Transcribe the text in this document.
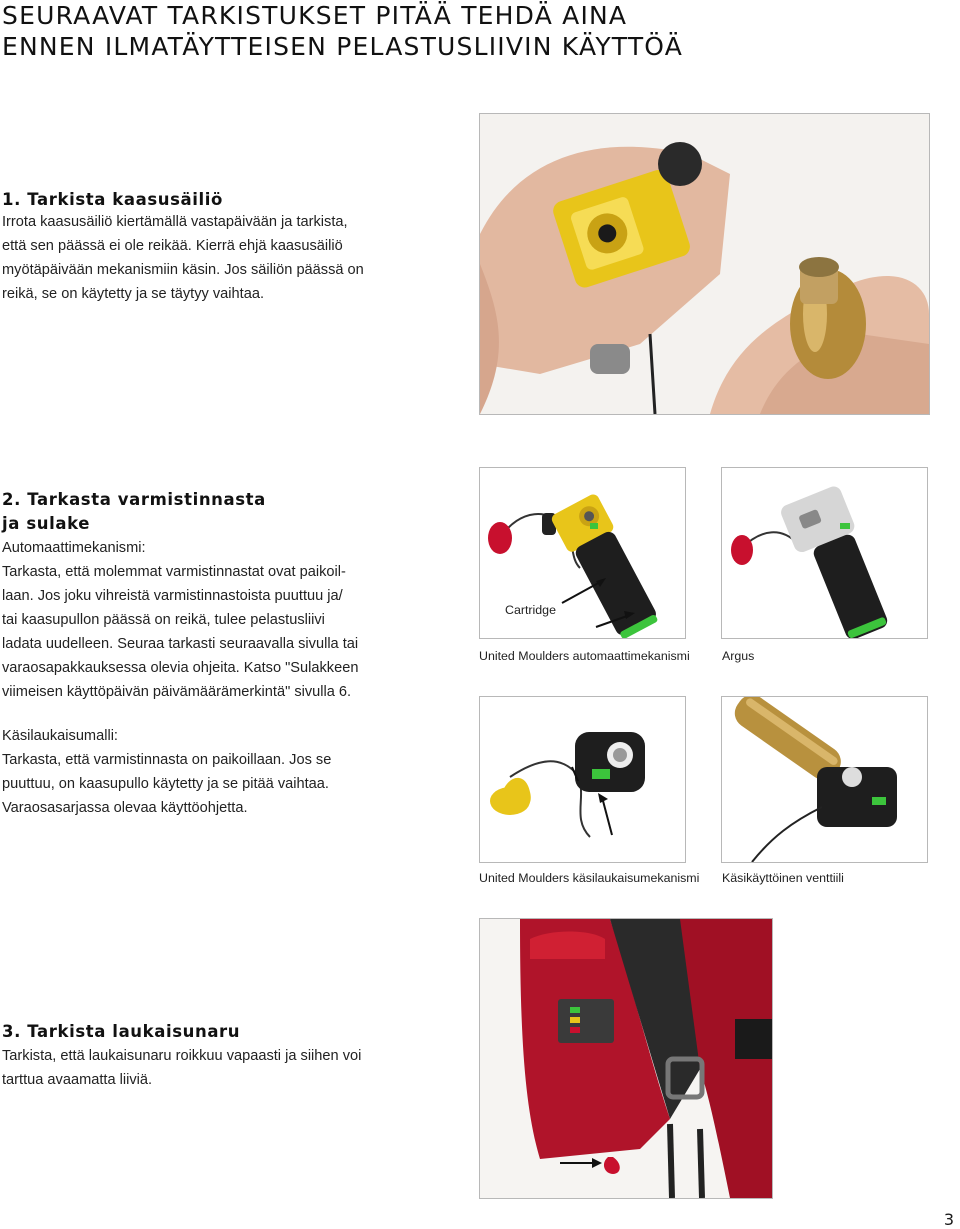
SEURAAVAT TARKISTUKSET PITÄÄ TEHDÄ AINA
ENNEN ILMATÄYTTEISEN PELASTUSLIIVIN KÄYTTÖÄ
1. Tarkista kaasusäiliö
Irrota kaasusäiliö kiertämällä vastapäivään ja tarkista,
että sen päässä ei ole reikää. Kierrä ehjä kaasusäiliö
myötäpäivään mekanismiin käsin. Jos säiliön päässä on
reikä, se on käytetty ja se täytyy vaihtaa.
2. Tarkasta varmistinnasta
ja sulake
Automaattimekanismi:
Tarkasta, että molemmat varmistinnastat ovat paikoil-
laan. Jos joku vihreistä varmistinnastoista puuttuu ja/
tai kaasupullon päässä on reikä, tulee pelastusliivi
ladata uudelleen. Seuraa tarkasti seuraavalla sivulla tai
varaosapakkauksessa olevia ohjeita. Katso "Sulakkeen
viimeisen käyttöpäivän päivämäärämerkintä" sivulla 6.
Käsilaukaisumalli:
Tarkasta, että varmistinnasta on paikoillaan. Jos se
puuttuu, on kaasupullo käytetty ja se pitää vaihtaa.
Varaosasarjassa olevaa käyttöohjetta.
Cartridge
United Moulders automaattimekanismi	Argus
United Moulders käsilaukaisumekanismi Käsikäyttöinen venttiili
3. Tarkista laukaisunaru
Tarkista, että laukaisunaru roikkuu vapaasti ja siihen voi
tarttua avaamatta liiviä.
3
